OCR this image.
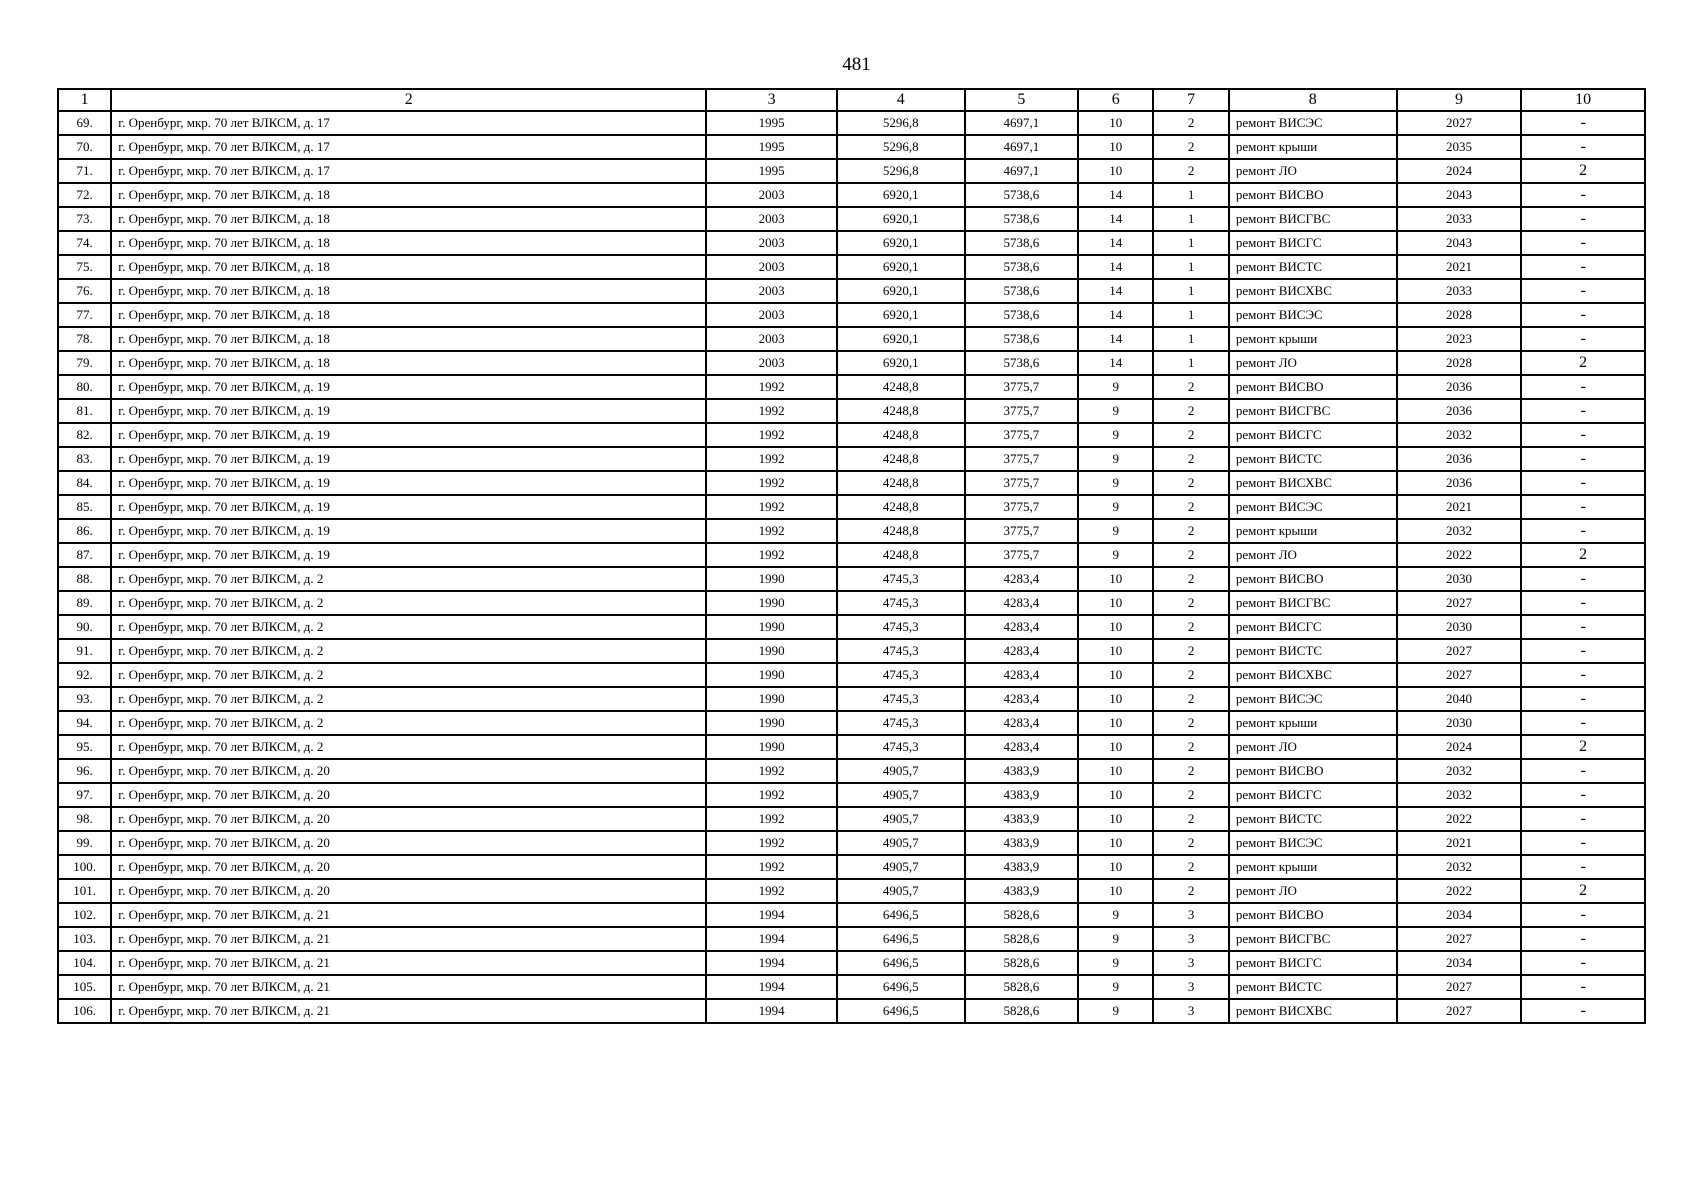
481
1	2	3	4	5	6	7	8	9	10
69.	г. Оренбург, мкр. 70 лет ВЛКСМ, д. 17	1995	5296,8	4697,1	10	2	ремонт ВИСЭС	2027	-
70.	г. Оренбург, мкр. 70 лет ВЛКСМ, д. 17	1995	5296,8	4697,1	10	2	ремонт крыши	2035	-
71.	г. Оренбург, мкр. 70 лет ВЛКСМ, д. 17	1995	5296,8	4697,1	10	2	ремонт ЛО	2024	2
72.	г. Оренбург, мкр. 70 лет ВЛКСМ, д. 18	2003	6920,1	5738,6	14	1	ремонт ВИСВО	2043	-
73.	г. Оренбург, мкр. 70 лет ВЛКСМ, д. 18	2003	6920,1	5738,6	14	1	ремонт ВИСГВС	2033	-
74.	г. Оренбург, мкр. 70 лет ВЛКСМ, д. 18	2003	6920,1	5738,6	14	1	ремонт ВИСГС	2043	-
75.	г. Оренбург, мкр. 70 лет ВЛКСМ, д. 18	2003	6920,1	5738,6	14	1	ремонт ВИСТС	2021	-
76.	г. Оренбург, мкр. 70 лет ВЛКСМ, д. 18	2003	6920,1	5738,6	14	1	ремонт ВИСХВС	2033	-
77.	г. Оренбург, мкр. 70 лет ВЛКСМ, д. 18	2003	6920,1	5738,6	14	1	ремонт ВИСЭС	2028	-
78.	г. Оренбург, мкр. 70 лет ВЛКСМ, д. 18	2003	6920,1	5738,6	14	1	ремонт крыши	2023	-
79.	г. Оренбург, мкр. 70 лет ВЛКСМ, д. 18	2003	6920,1	5738,6	14	1	ремонт ЛО	2028	2
80.	г. Оренбург, мкр. 70 лет ВЛКСМ, д. 19	1992	4248,8	3775,7	9	2	ремонт ВИСВО	2036	-
81.	г. Оренбург, мкр. 70 лет ВЛКСМ, д. 19	1992	4248,8	3775,7	9	2	ремонт ВИСГВС	2036	-
82.	г. Оренбург, мкр. 70 лет ВЛКСМ, д. 19	1992	4248,8	3775,7	9	2	ремонт ВИСГС	2032	-
83.	г. Оренбург, мкр. 70 лет ВЛКСМ, д. 19	1992	4248,8	3775,7	9	2	ремонт ВИСТС	2036	-
84.	г. Оренбург, мкр. 70 лет ВЛКСМ, д. 19	1992	4248,8	3775,7	9	2	ремонт ВИСХВС	2036	-
85.	г. Оренбург, мкр. 70 лет ВЛКСМ, д. 19	1992	4248,8	3775,7	9	2	ремонт ВИСЭС	2021	-
86.	г. Оренбург, мкр. 70 лет ВЛКСМ, д. 19	1992	4248,8	3775,7	9	2	ремонт крыши	2032	-
87.	г. Оренбург, мкр. 70 лет ВЛКСМ, д. 19	1992	4248,8	3775,7	9	2	ремонт ЛО	2022	2
88.	г. Оренбург, мкр. 70 лет ВЛКСМ, д. 2	1990	4745,3	4283,4	10	2	ремонт ВИСВО	2030	-
89.	г. Оренбург, мкр. 70 лет ВЛКСМ, д. 2	1990	4745,3	4283,4	10	2	ремонт ВИСГВС	2027	-
90.	г. Оренбург, мкр. 70 лет ВЛКСМ, д. 2	1990	4745,3	4283,4	10	2	ремонт ВИСГС	2030	-
91.	г. Оренбург, мкр. 70 лет ВЛКСМ, д. 2	1990	4745,3	4283,4	10	2	ремонт ВИСТС	2027	-
92.	г. Оренбург, мкр. 70 лет ВЛКСМ, д. 2	1990	4745,3	4283,4	10	2	ремонт ВИСХВС	2027	-
93.	г. Оренбург, мкр. 70 лет ВЛКСМ, д. 2	1990	4745,3	4283,4	10	2	ремонт ВИСЭС	2040	-
94.	г. Оренбург, мкр. 70 лет ВЛКСМ, д. 2	1990	4745,3	4283,4	10	2	ремонт крыши	2030	-
95.	г. Оренбург, мкр. 70 лет ВЛКСМ, д. 2	1990	4745,3	4283,4	10	2	ремонт ЛО	2024	2
96.	г. Оренбург, мкр. 70 лет ВЛКСМ, д. 20	1992	4905,7	4383,9	10	2	ремонт ВИСВО	2032	-
97.	г. Оренбург, мкр. 70 лет ВЛКСМ, д. 20	1992	4905,7	4383,9	10	2	ремонт ВИСГС	2032	-
98.	г. Оренбург, мкр. 70 лет ВЛКСМ, д. 20	1992	4905,7	4383,9	10	2	ремонт ВИСТС	2022	-
99.	г. Оренбург, мкр. 70 лет ВЛКСМ, д. 20	1992	4905,7	4383,9	10	2	ремонт ВИСЭС	2021	-
100.	г. Оренбург, мкр. 70 лет ВЛКСМ, д. 20	1992	4905,7	4383,9	10	2	ремонт крыши	2032	-
101.	г. Оренбург, мкр. 70 лет ВЛКСМ, д. 20	1992	4905,7	4383,9	10	2	ремонт ЛО	2022	2
102.	г. Оренбург, мкр. 70 лет ВЛКСМ, д. 21	1994	6496,5	5828,6	9	3	ремонт ВИСВО	2034	-
103.	г. Оренбург, мкр. 70 лет ВЛКСМ, д. 21	1994	6496,5	5828,6	9	3	ремонт ВИСГВС	2027	-
104.	г. Оренбург, мкр. 70 лет ВЛКСМ, д. 21	1994	6496,5	5828,6	9	3	ремонт ВИСГС	2034	-
105.	г. Оренбург, мкр. 70 лет ВЛКСМ, д. 21	1994	6496,5	5828,6	9	3	ремонт ВИСТС	2027	-
106.	г. Оренбург, мкр. 70 лет ВЛКСМ, д. 21	1994	6496,5	5828,6	9	3	ремонт ВИСХВС	2027	-
